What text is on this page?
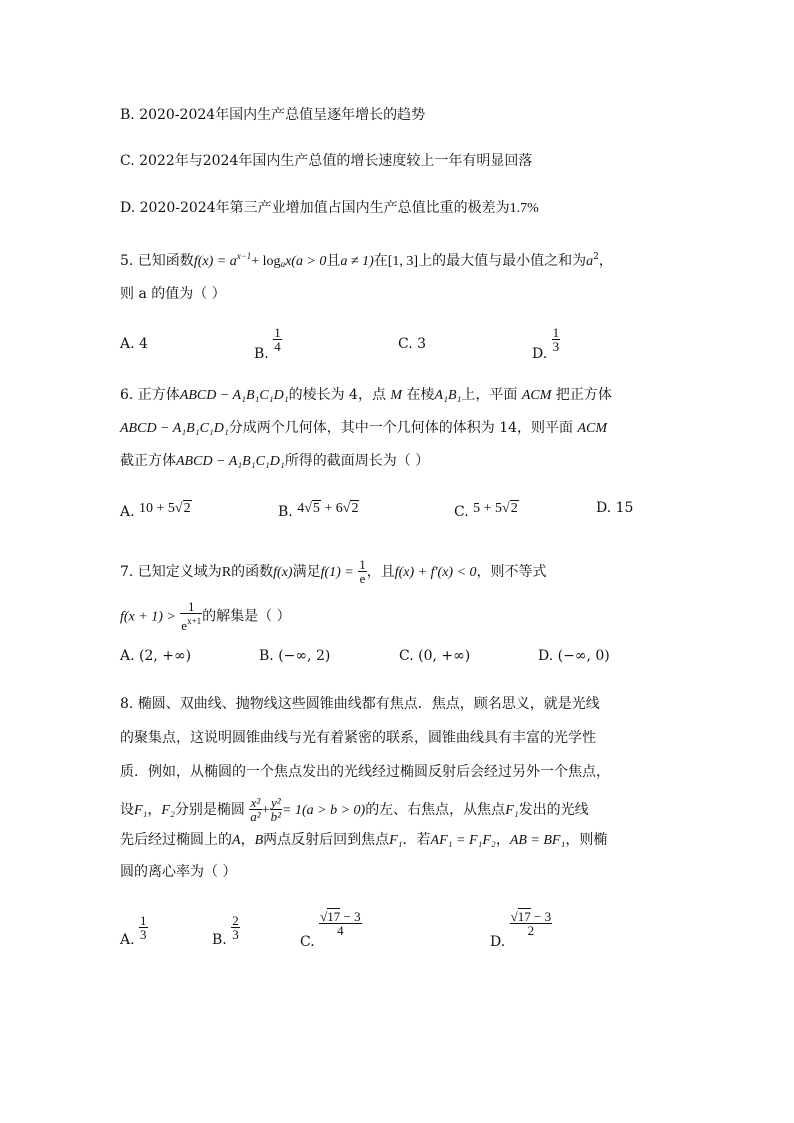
B. 2020-2024年国内生产总值呈逐年增长的趋势
C. 2022年与2024年国内生产总值的增长速度较上一年有明显回落
D. 2020-2024年第三产业增加值占国内生产总值比重的极差为1.7%
5. 已知函数$f(x) = a^{x-1}+ \log_ax(a > 0$且a ≠ 1)在[1, 3]上的最大值与最小值之和为$a^2$，
则 a 的值为（ ）
A. 4
B. $\frac{1}{4}$	C. 3
D. $\frac{1}{3}$
6. 正方体ABCD − A₁B₁C₁D₁的棱长为 4，点 M 在棱A₁B₁上，平面 ACM 把正方体
ABCD − A₁B₁C₁D₁分成两个几何体，其中一个几何体的体积为 14，则平面 ACM
截正方体ABCD − A₁B₁C₁D₁所得的截面周长为（ ）
A. 10 + 5√2	B. 4√5 + 6√2	C. 5 + 5√2	D. 15
7. 已知定义域为R的函数f(x)满足$f(1) = \frac{1}{e}$ ，且f(x) + f′(x) < 0，则不等式
$f(x + 1) > \frac{1}{e^{x+1}}$ 的解集是（ ）
A. (2, +∞)	B. (−∞, 2)	C. (0, +∞)	D. (−∞, 0)
8. 椭圆、双曲线、抛物线这些圆锥曲线都有焦点．焦点，顾名思义，就是光线
的聚集点，这说明圆锥曲线与光有着紧密的联系，圆锥曲线具有丰富的光学性
质．例如，从椭圆的一个焦点发出的光线经过椭圆反射后会经过另外一个焦点，
设F₁，F₂分别是椭圆 $\frac{\text{x²}}{\text{a²}} + \frac{\text{y²}}{\text{b²}} = 1(a > b > 0)$的左、右焦点，从焦点F₁发出的光线
先后经过椭圆上的A，B两点反射后回到焦点F₁．若AF₁ = F₁F₂，AB = BF₁，则椭
圆的离心率为（ ）
A. $\frac{1}{3}$	B. $\frac{2}{3}$	C.
$\frac{√17 - 3}{4}$
D.
$\frac{√17 - 3}{2}$
